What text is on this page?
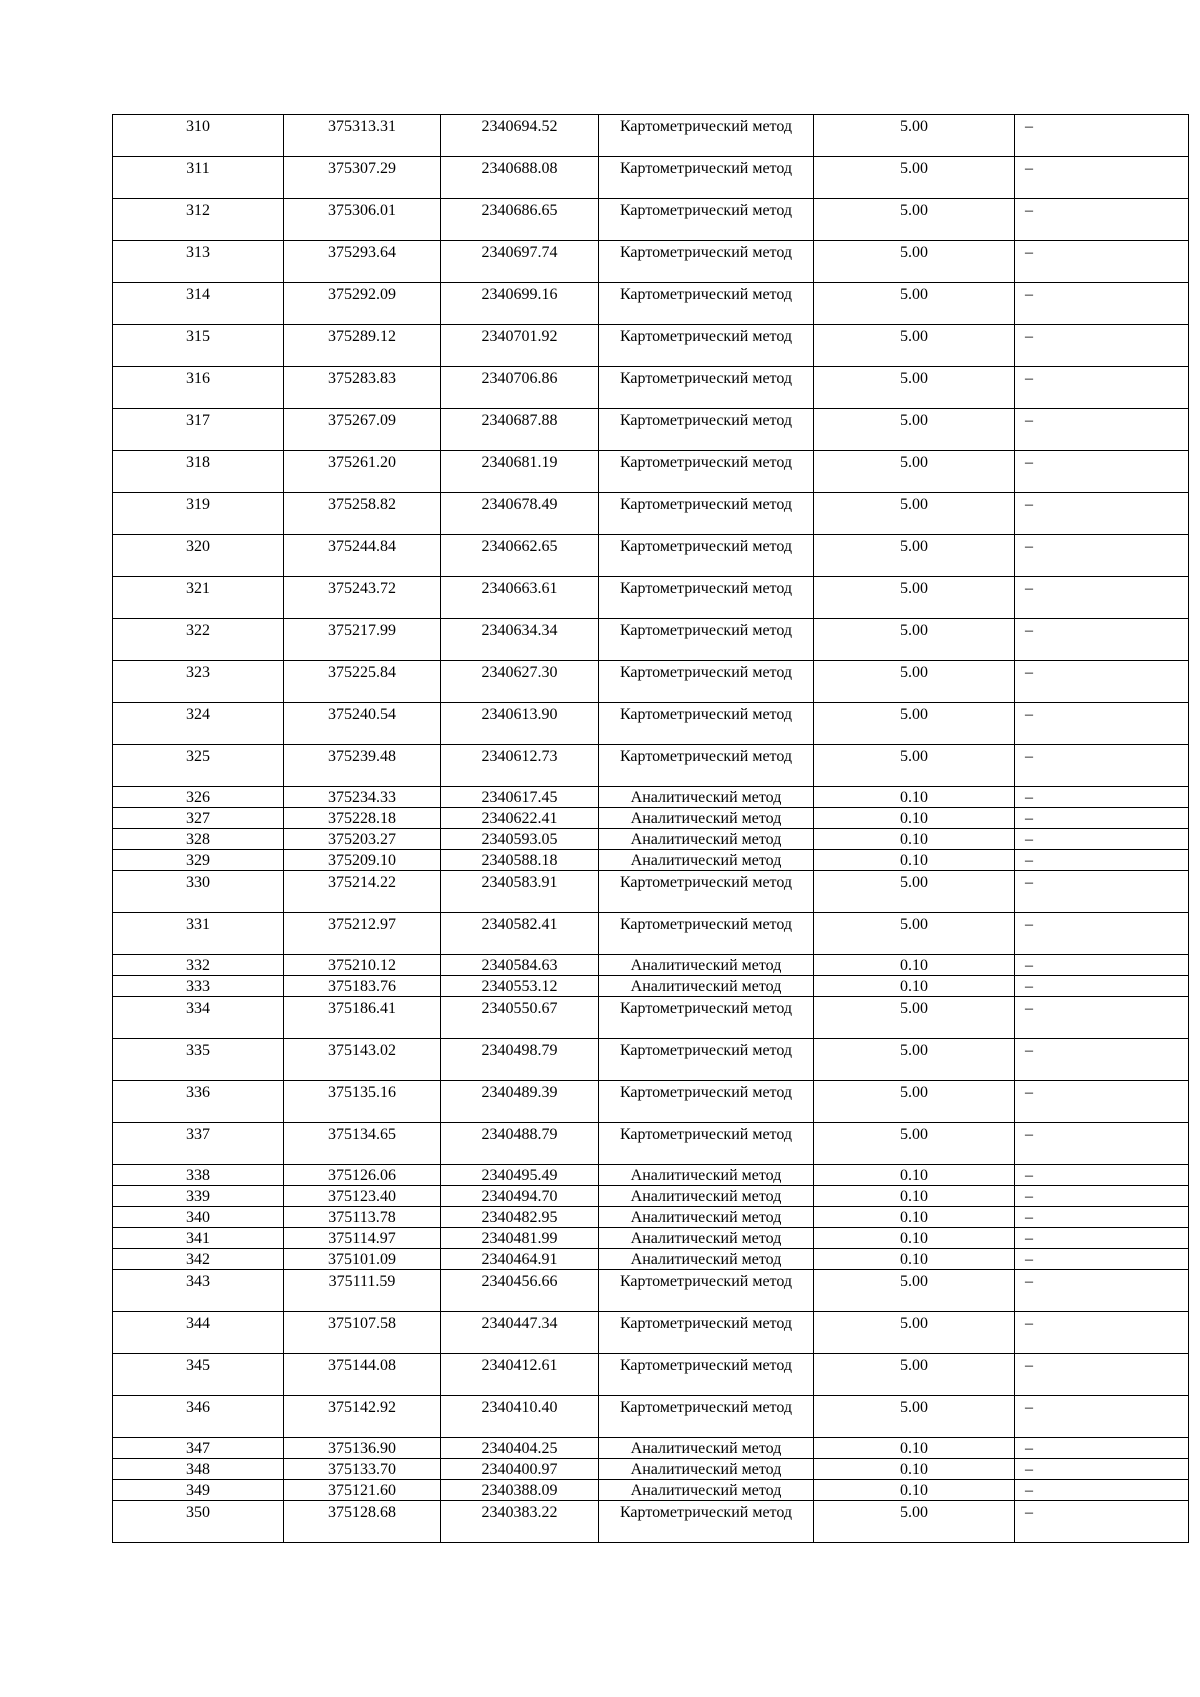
310	375313.31	2340694.52	Картометрический метод	5.00	–
311	375307.29	2340688.08	Картометрический метод	5.00	–
312	375306.01	2340686.65	Картометрический метод	5.00	–
313	375293.64	2340697.74	Картометрический метод	5.00	–
314	375292.09	2340699.16	Картометрический метод	5.00	–
315	375289.12	2340701.92	Картометрический метод	5.00	–
316	375283.83	2340706.86	Картометрический метод	5.00	–
317	375267.09	2340687.88	Картометрический метод	5.00	–
318	375261.20	2340681.19	Картометрический метод	5.00	–
319	375258.82	2340678.49	Картометрический метод	5.00	–
320	375244.84	2340662.65	Картометрический метод	5.00	–
321	375243.72	2340663.61	Картометрический метод	5.00	–
322	375217.99	2340634.34	Картометрический метод	5.00	–
323	375225.84	2340627.30	Картометрический метод	5.00	–
324	375240.54	2340613.90	Картометрический метод	5.00	–
325	375239.48	2340612.73	Картометрический метод	5.00	–
326	375234.33	2340617.45	Аналитический метод	0.10	–
327	375228.18	2340622.41	Аналитический метод	0.10	–
328	375203.27	2340593.05	Аналитический метод	0.10	–
329	375209.10	2340588.18	Аналитический метод	0.10	–
330	375214.22	2340583.91	Картометрический метод	5.00	–
331	375212.97	2340582.41	Картометрический метод	5.00	–
332	375210.12	2340584.63	Аналитический метод	0.10	–
333	375183.76	2340553.12	Аналитический метод	0.10	–
334	375186.41	2340550.67	Картометрический метод	5.00	–
335	375143.02	2340498.79	Картометрический метод	5.00	–
336	375135.16	2340489.39	Картометрический метод	5.00	–
337	375134.65	2340488.79	Картометрический метод	5.00	–
338	375126.06	2340495.49	Аналитический метод	0.10	–
339	375123.40	2340494.70	Аналитический метод	0.10	–
340	375113.78	2340482.95	Аналитический метод	0.10	–
341	375114.97	2340481.99	Аналитический метод	0.10	–
342	375101.09	2340464.91	Аналитический метод	0.10	–
343	375111.59	2340456.66	Картометрический метод	5.00	–
344	375107.58	2340447.34	Картометрический метод	5.00	–
345	375144.08	2340412.61	Картометрический метод	5.00	–
346	375142.92	2340410.40	Картометрический метод	5.00	–
347	375136.90	2340404.25	Аналитический метод	0.10	–
348	375133.70	2340400.97	Аналитический метод	0.10	–
349	375121.60	2340388.09	Аналитический метод	0.10	–
350	375128.68	2340383.22	Картометрический метод	5.00	–
